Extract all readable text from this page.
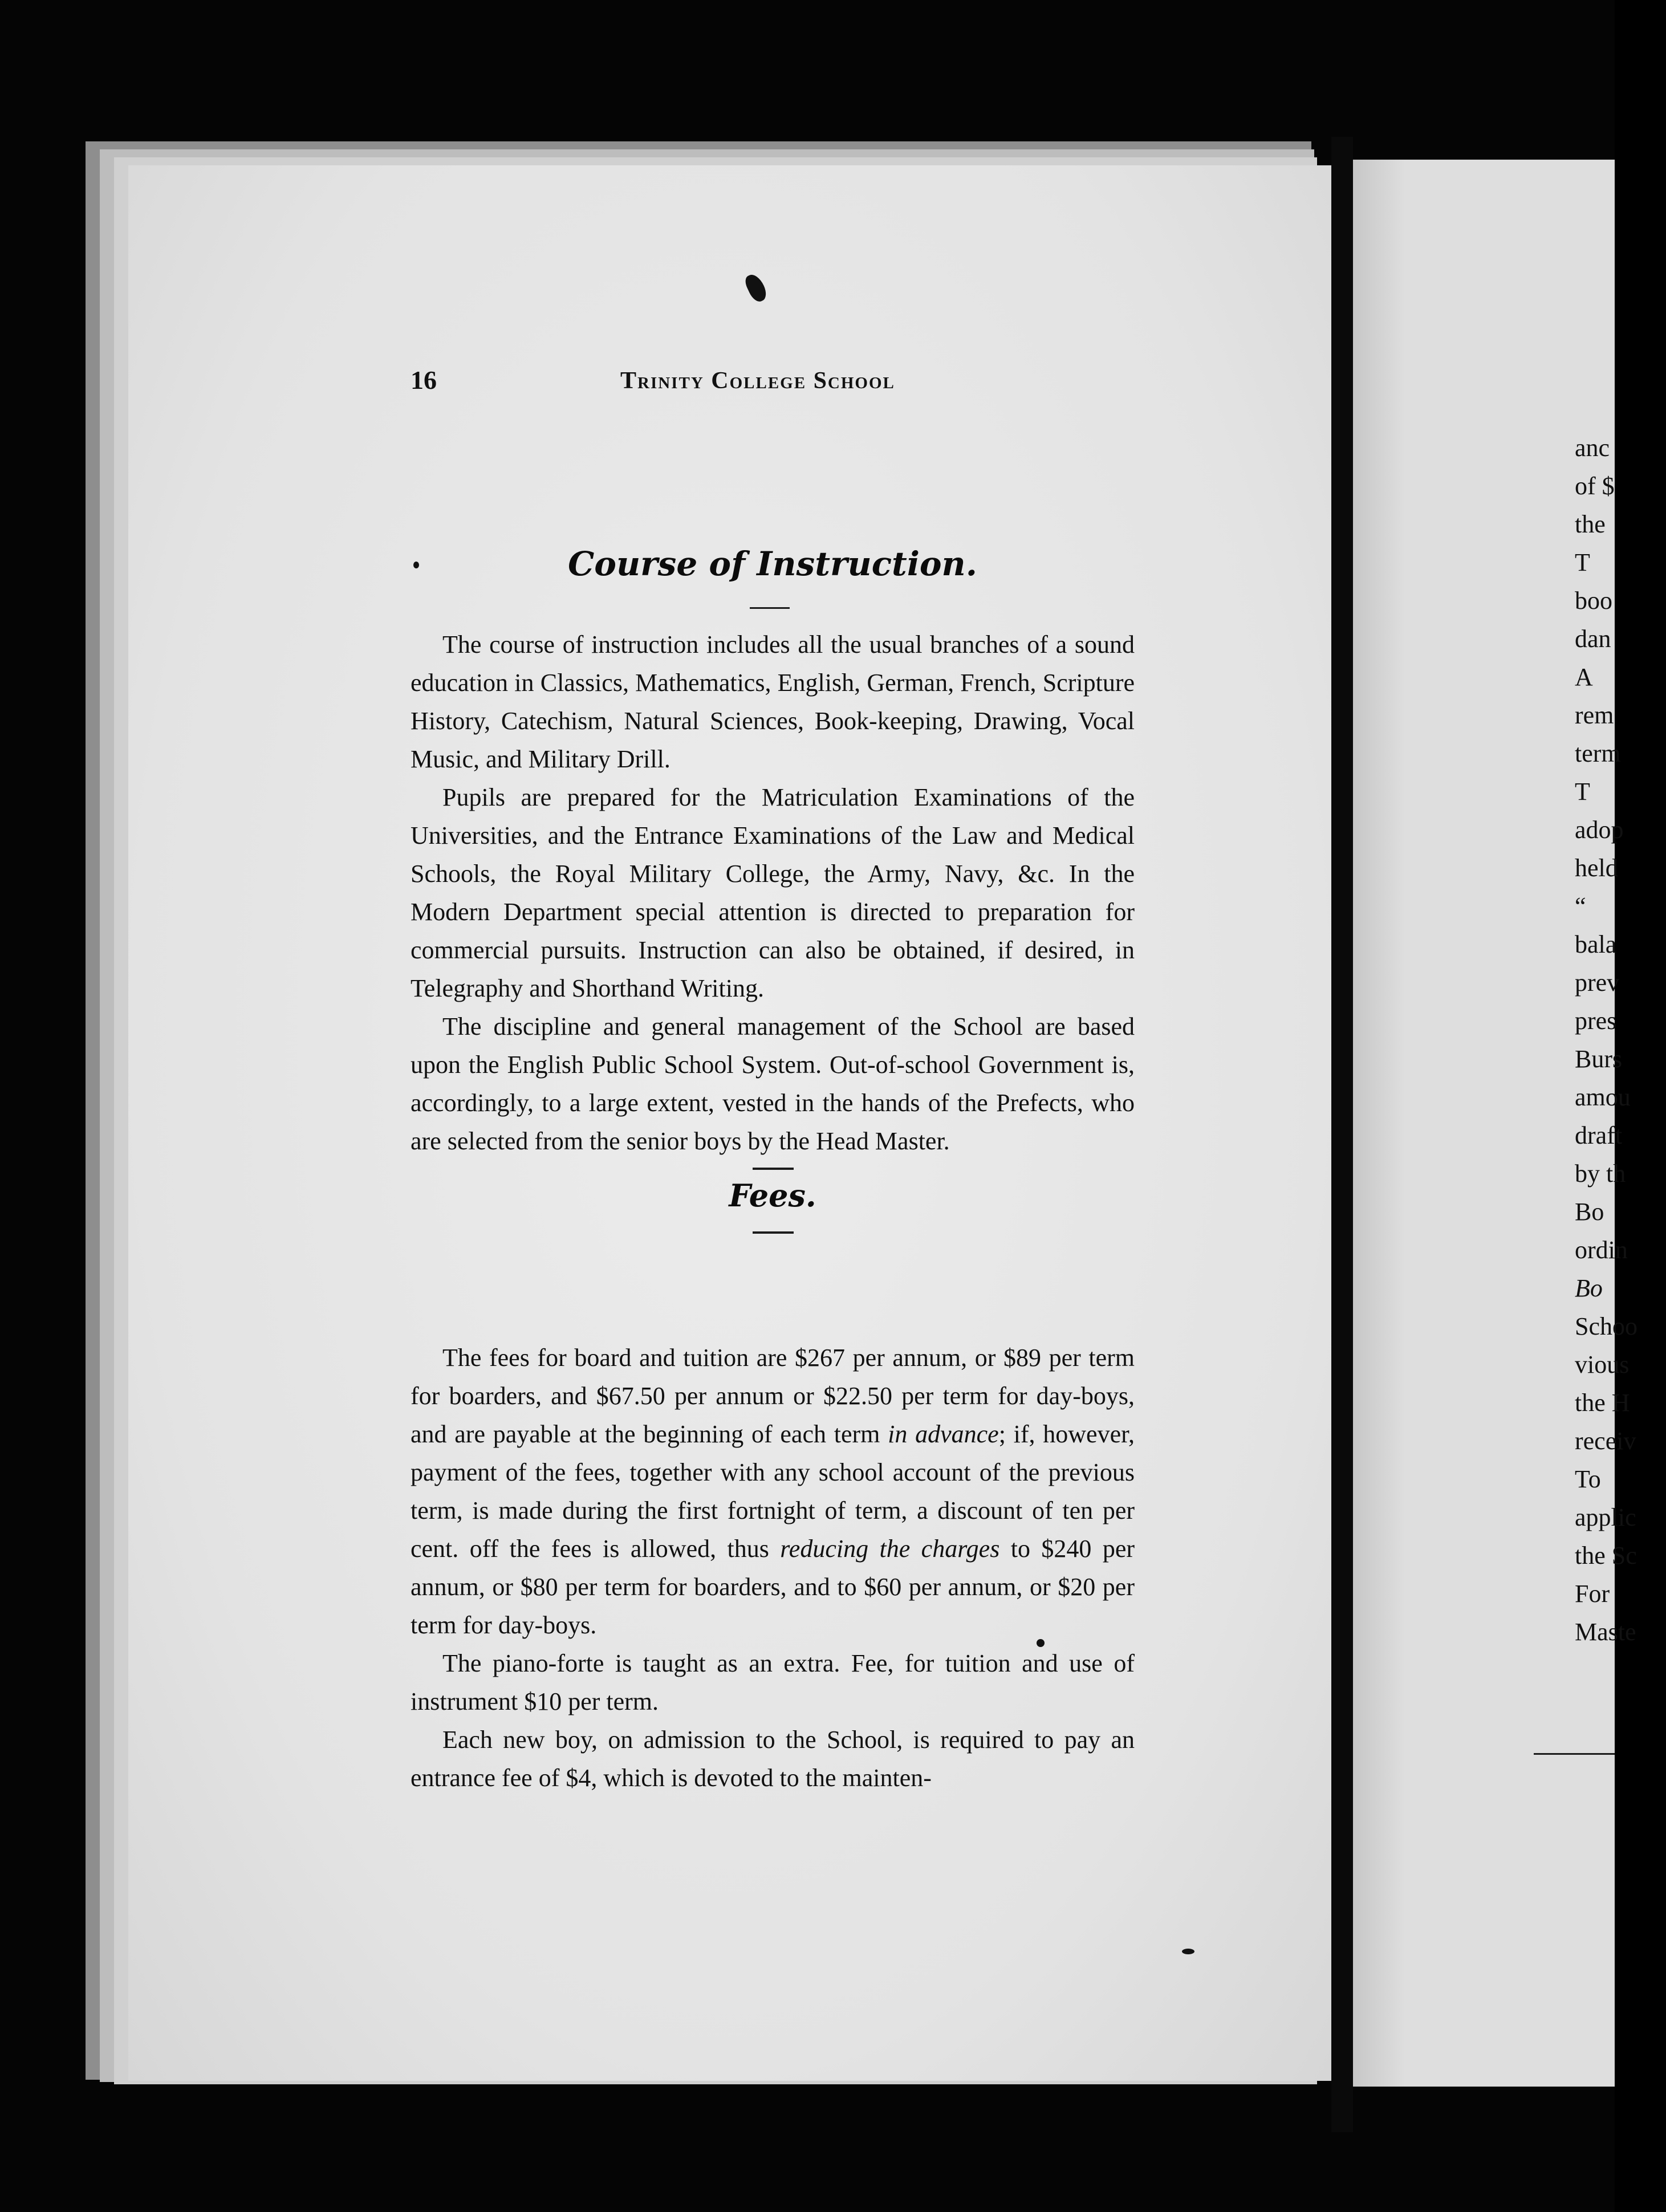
16	Trinity College School
Course of Instruction.

The course of instruction includes all the usual branches of a sound education in Classics, Mathematics, English, German, French, Scripture History, Catechism, Natural Sciences, Book-keeping, Drawing, Vocal Music, and Military Drill.

Pupils are prepared for the Matriculation Examinations of the Universities, and the Entrance Examinations of the Law and Medical Schools, the Royal Military College, the Army, Navy, &c. In the Modern Department special attention is directed to preparation for commercial pursuits. Instruction can also be obtained, if desired, in Telegraphy and Shorthand Writing.

The discipline and general management of the School are based upon the English Public School System. Out-of-school Government is, accordingly, to a large extent, vested in the hands of the Prefects, who are selected from the senior boys by the Head Master.

Fees.

The fees for board and tuition are $267 per annum, or $89 per term for boarders, and $67.50 per annum or $22.50 per term for day-boys, and are payable at the beginning of each term in advance; if, however, payment of the fees, together with any school account of the previous term, is made during the first fortnight of term, a discount of ten per cent. off the fees is allowed, thus reducing the charges to $240 per annum, or $80 per term for boarders, and to $60 per annum, or $20 per term for day-boys.

The piano-forte is taught as an extra. Fee, for tuition and use of instrument $10 per term.

Each new boy, on admission to the School, is required to pay an entrance fee of $4, which is devoted to the mainten-

anc
of $
the
T
boo
dan
A
rem
term
T
adop
held
“
bala
prev
pres
Burs
amou
draft
by th
Bo
ordin
Bo
Schoo
vious
the H
receiv
To
applic
the Sc
For
Maste
